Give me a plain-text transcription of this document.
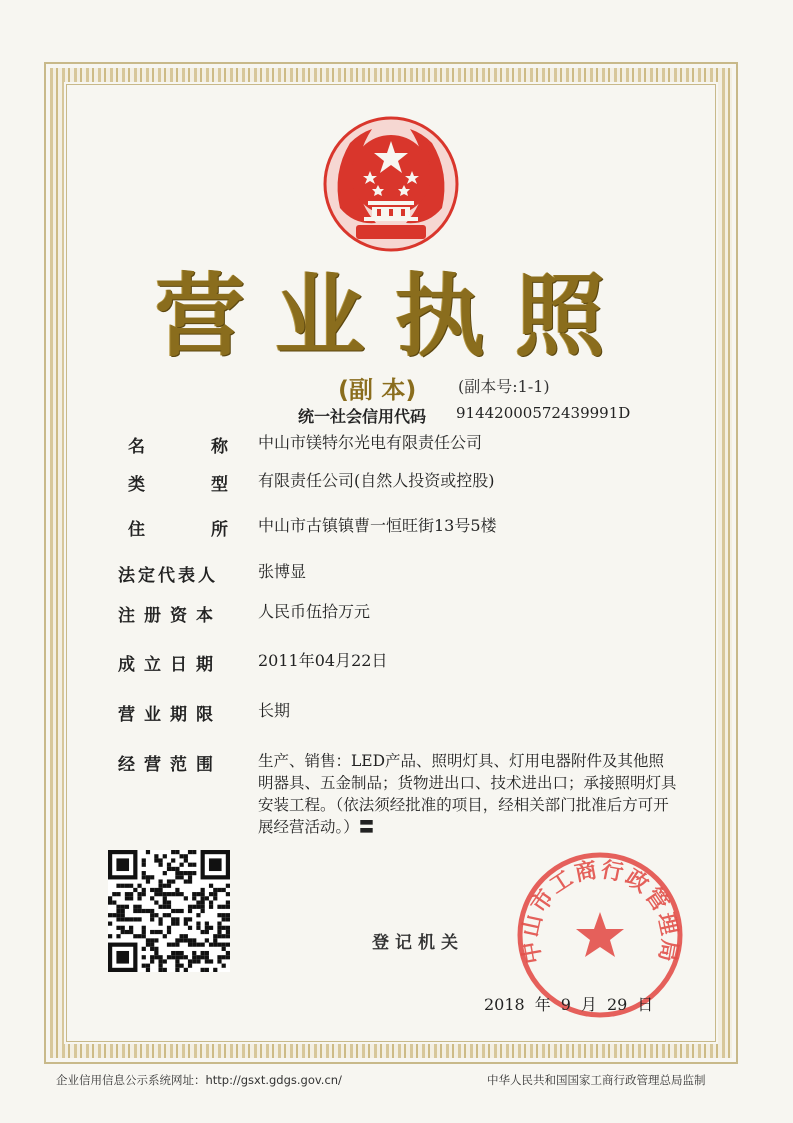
营业执照
(副 本)	(副本号:1-1)
统一社会信用代码 91442000572439991D
名	称 中山市镁特尔光电有限责任公司
类	型 有限责任公司(自然人投资或控股)
住	所 中山市古镇镇曹一恒旺街13号5楼
法定代表人	张博显
注册资本	人民币伍拾万元
成立日期	2011年04月22日
营业期限	长期
经营范围	生产、销售：LED产品、照明灯具、灯用电器附件及其他照明器具、五金制品；货物进出口、技术进出口；承接照明灯具安装工程。（依法须经批准的项目，经相关部门批准后方可开展经营活动。）〓
登记机关 中山市工商行政管理局
2018 年 9 月 29 日
企业信用信息公示系统网址：http://gsxt.gdgs.gov.cn/	中华人民共和国国家工商行政管理总局监制
